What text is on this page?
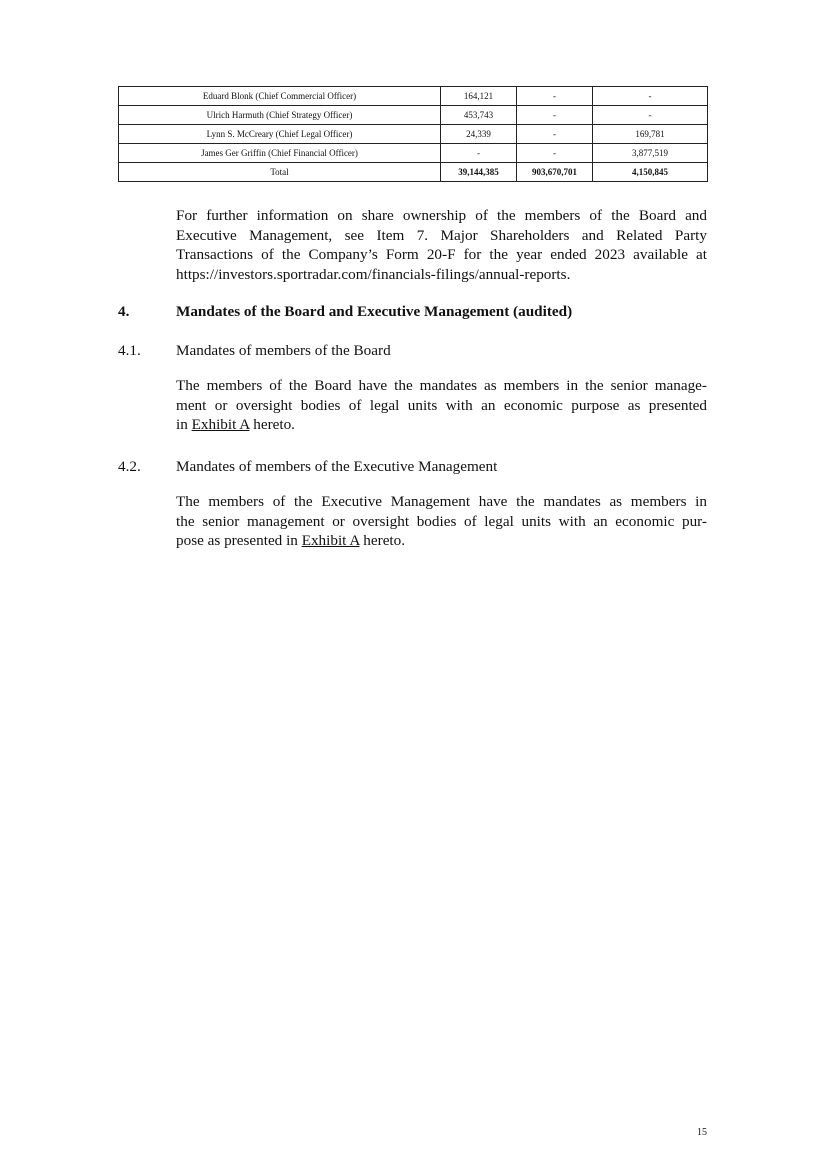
Eduard Blonk (Chief Commercial Officer)	164,121	-	-
Ulrich Harmuth (Chief Strategy Officer)	453,743	-	-
Lynn S. McCreary (Chief Legal Officer)	24,339	-	169,781
James Ger Griffin (Chief Financial Officer)	-	-	3,877,519
Total	39,144,385	903,670,701	4,150,845

For further information on share ownership of the members of the Board and
Executive Management, see Item 7. Major Shareholders and Related Party
Transactions of the Company’s Form 20-F for the year ended 2023 available at
https://investors.sportradar.com/financials-filings/annual-reports.

4.	Mandates of the Board and Executive Management (audited)
4.1. Mandates of members of the Board

The members of the Board have the mandates as members in the senior manage-
ment or oversight bodies of legal units with an economic purpose as presented
in Exhibit A hereto.

4.2. Mandates of members of the Executive Management

The members of the Executive Management have the mandates as members in
the senior management or oversight bodies of legal units with an economic pur-
pose as presented in Exhibit A hereto.

15
